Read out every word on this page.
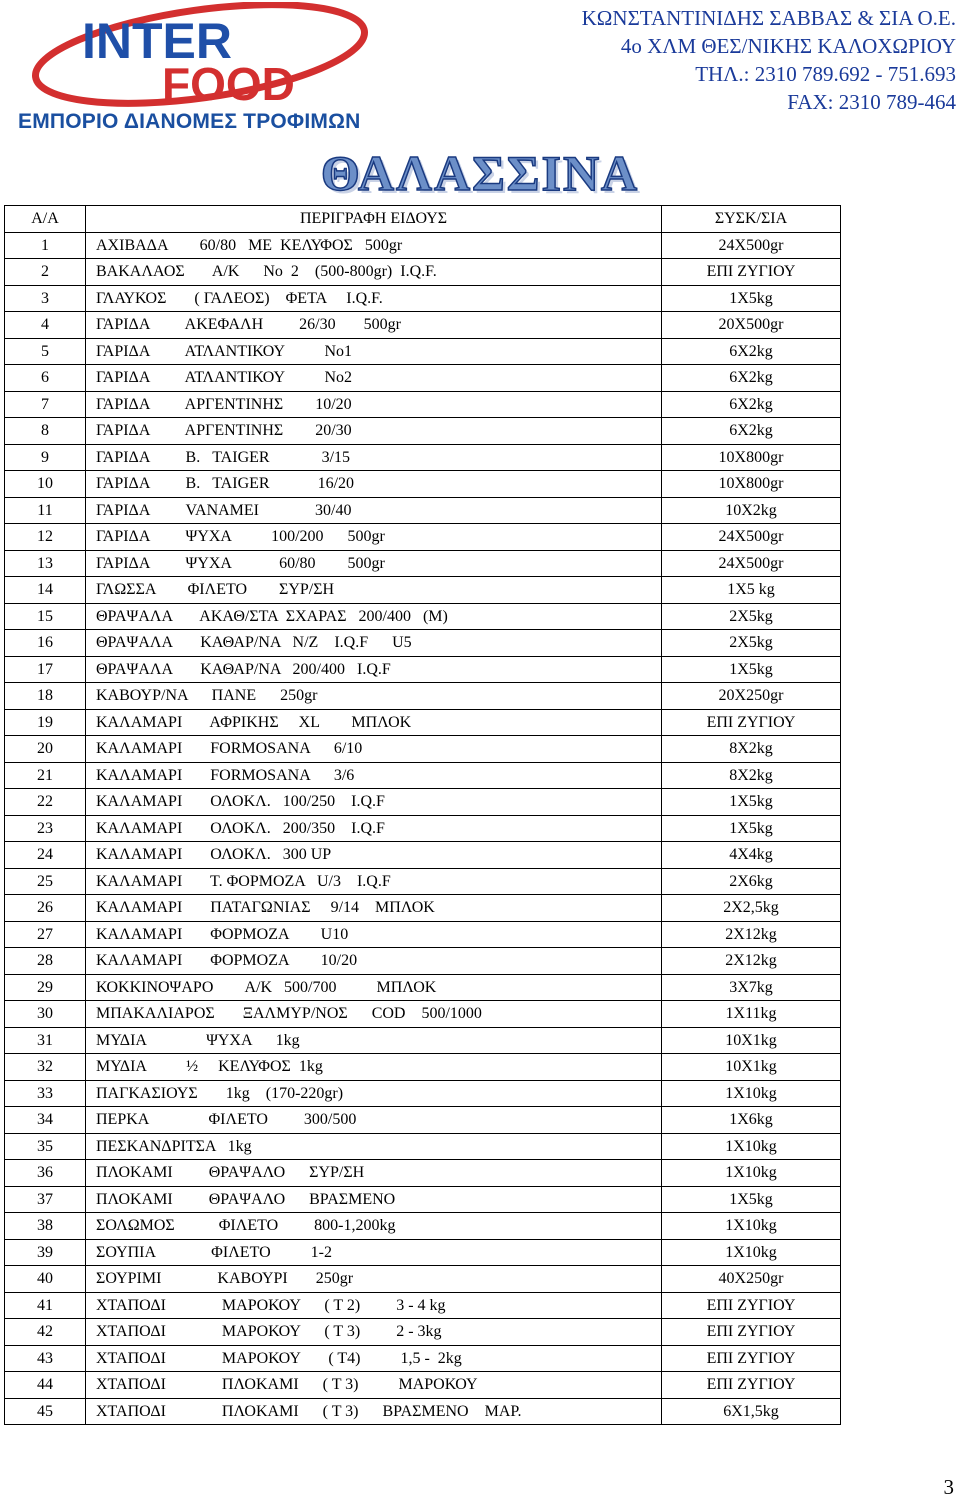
INTER
FOOD
ΕΜΠΟΡΙΟ ΔΙΑΝΟΜΕΣ ΤΡΟΦΙΜΩΝ
ΚΩΝΣΤΑΝΤΙΝΙΔΗΣ ΣΑΒΒΑΣ & ΣΙΑ Ο.Ε.
4ο ΧΛΜ ΘΕΣ/ΝΙΚΗΣ ΚΑΛΟΧΩΡΙΟΥ
ΤΗΛ.: 2310 789.692 - 751.693
FAX: 2310 789-464
ΘΑΛΑΣΣΙΝΑ
Α/Α	ΠΕΡΙΓΡΑΦΗ ΕΙΔΟΥΣ	ΣΥΣΚ/ΣΙΑ
1	ΑΧΙΒΑΔΑ        60/80   ΜΕ  ΚΕΛΥΦΟΣ   500gr	24Χ500gr
2	ΒΑΚΑΛΑΟΣ       Α/Κ      Νο  2    (500-800gr)  I.Q.F.	ΕΠΙ ΖΥΓΙΟΥ
3	ΓΛΑΥΚΟΣ       ( ΓΑΛΕΟΣ)    ΦΕΤΑ     I.Q.F.	1Χ5kg
4	ΓΑΡΙΔΑ         ΑΚΕΦΑΛΗ         26/30       500gr	20Χ500gr
5	ΓΑΡΙΔΑ         ΑΤΛΑΝΤΙΚΟΥ          Νο1	6Χ2kg
6	ΓΑΡΙΔΑ         ΑΤΛΑΝΤΙΚΟΥ          Νο2	6Χ2kg
7	ΓΑΡΙΔΑ         ΑΡΓΕΝΤΙΝΗΣ        10/20	6Χ2kg
8	ΓΑΡΙΔΑ         ΑΡΓΕΝΤΙΝΗΣ        20/30	6Χ2kg
9	ΓΑΡΙΔΑ         Β.   TAIGER             3/15	10Χ800gr
10	ΓΑΡΙΔΑ         Β.   TAIGER            16/20	10Χ800gr
11	ΓΑΡΙΔΑ         VANAMEI              30/40	10Χ2kg
12	ΓΑΡΙΔΑ         ΨΥΧΑ          100/200      500gr	24Χ500gr
13	ΓΑΡΙΔΑ         ΨΥΧΑ            60/80        500gr	24Χ500gr
14	ΓΛΩΣΣΑ        ΦΙΛΕΤΟ        ΣΥΡ/ΣΗ	1Χ5 kg
15	ΘΡΑΨΑΛΑ       ΑΚΑΘ/ΣΤΑ  ΣΧΑΡΑΣ   200/400   (Μ)	2Χ5kg
16	ΘΡΑΨΑΛΑ       ΚΑΘΑΡ/ΝΑ   Ν/Ζ    I.Q.F      U5	2Χ5kg
17	ΘΡΑΨΑΛΑ       ΚΑΘΑΡ/ΝΑ   200/400   I.Q.F	1Χ5kg
18	ΚΑΒΟΥΡ/ΝΑ      ΠΑΝΕ      250gr	20Χ250gr
19	ΚΑΛΑΜΑΡΙ       ΑΦΡΙΚΗΣ     XL        ΜΠΛΟΚ	ΕΠΙ ΖΥΓΙΟΥ
20	ΚΑΛΑΜΑΡΙ       FORMOSANA      6/10	8Χ2kg
21	ΚΑΛΑΜΑΡΙ       FORMOSANA      3/6	8Χ2kg
22	ΚΑΛΑΜΑΡΙ       ΟΛΟΚΛ.   100/250    I.Q.F	1Χ5kg
23	ΚΑΛΑΜΑΡΙ       ΟΛΟΚΛ.   200/350    I.Q.F	1Χ5kg
24	ΚΑΛΑΜΑΡΙ       ΟΛΟΚΛ.   300 UP	4Χ4kg
25	ΚΑΛΑΜΑΡΙ       Τ. ΦΟΡΜΟΖΑ   U/3    I.Q.F	2Χ6kg
26	ΚΑΛΑΜΑΡΙ       ΠΑΤΑΓΩΝΙΑΣ     9/14    ΜΠΛΟΚ	2Χ2,5kg
27	ΚΑΛΑΜΑΡΙ       ΦΟΡΜΟΖΑ        U10	2Χ12kg
28	ΚΑΛΑΜΑΡΙ       ΦΟΡΜΟΖΑ        10/20	2Χ12kg
29	ΚΟΚΚΙΝΟΨΑΡΟ        Α/Κ   500/700          ΜΠΛΟΚ	3Χ7kg
30	ΜΠΑΚΑΛΙΑΡΟΣ       ΞΑΛΜΥΡ/ΝΟΣ      COD    500/1000	1Χ11kg
31	ΜΥΔΙΑ               ΨΥΧΑ      1kg	10Χ1kg
32	ΜΥΔΙΑ          ½     ΚΕΛΥΦΟΣ  1kg	10Χ1kg
33	ΠΑΓΚΑΣΙΟΥΣ       1kg    (170-220gr)	1Χ10kg
34	ΠΕΡΚΑ               ΦΙΛΕΤΟ         300/500	1Χ6kg
35	ΠΕΣΚΑΝΔΡΙΤΣΑ   1kg	1Χ10kg
36	ΠΛΟΚΑΜΙ         ΘΡΑΨΑΛΟ      ΣΥΡ/ΣΗ	1Χ10kg
37	ΠΛΟΚΑΜΙ         ΘΡΑΨΑΛΟ      ΒΡΑΣΜΕΝΟ	1Χ5kg
38	ΣΟΛΩΜΟΣ           ΦΙΛΕΤΟ         800-1,200kg	1Χ10kg
39	ΣΟΥΠΙΑ              ΦΙΛΕΤΟ          1-2	1Χ10kg
40	ΣΟΥΡΙΜΙ              ΚΑΒΟΥΡΙ       250gr	40Χ250gr
41	ΧΤΑΠΟΔΙ              ΜΑΡΟΚΟΥ      ( Τ 2)         3 - 4 kg	ΕΠΙ ΖΥΓΙΟΥ
42	ΧΤΑΠΟΔΙ              ΜΑΡΟΚΟΥ      ( Τ 3)         2 - 3kg	ΕΠΙ ΖΥΓΙΟΥ
43	ΧΤΑΠΟΔΙ              ΜΑΡΟΚΟΥ       ( Τ4)          1,5 -  2kg	ΕΠΙ ΖΥΓΙΟΥ
44	ΧΤΑΠΟΔΙ              ΠΛΟΚΑΜΙ      ( Τ 3)          ΜΑΡΟΚΟΥ	ΕΠΙ ΖΥΓΙΟΥ
45	ΧΤΑΠΟΔΙ              ΠΛΟΚΑΜΙ      ( Τ 3)      ΒΡΑΣΜΕΝΟ    ΜΑΡ.	6Χ1,5kg
3
